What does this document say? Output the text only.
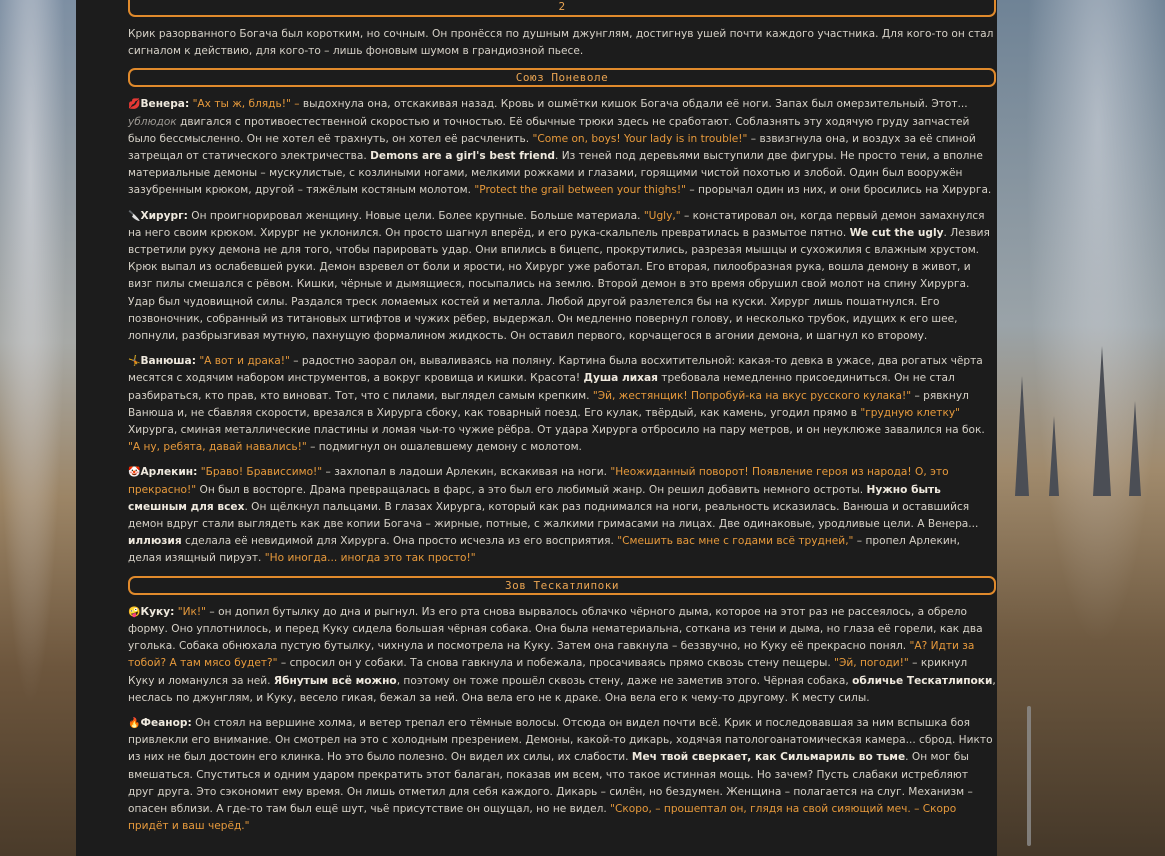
2

Крик разорванного Богача был коротким, но сочным. Он пронёсся по душным джунглям, достигнув ушей почти каждого участника. Для кого-то он стал сигналом к действию, для кого-то – лишь фоновым шумом в грандиозной пьесе.

Союз Поневоле

💋Венера: "Ах ты ж, блядь!" – выдохнула она, отскакивая назад. Кровь и ошмётки кишок Богача обдали её ноги. Запах был омерзительный. Этот... ублюдок двигался с противоестественной скоростью и точностью. Её обычные трюки здесь не сработают. Соблазнять эту ходячую груду запчастей было бессмысленно. Он не хотел её трахнуть, он хотел её расчленить. "Come on, boys! Your lady is in trouble!" – взвизгнула она, и воздух за её спиной затрещал от статического электричества. Demons are a girl's best friend. Из теней под деревьями выступили две фигуры. Не просто тени, а вполне материальные демоны – мускулистые, с козлиными ногами, мелкими рожками и глазами, горящими чистой похотью и злобой. Один был вооружён зазубренным крюком, другой – тяжёлым костяным молотом. "Protect the grail between your thighs!" – прорычал один из них, и они бросились на Хирурга.

🔪Хирург: Он проигнорировал женщину. Новые цели. Более крупные. Больше материала. "Ugly," – констатировал он, когда первый демон замахнулся на него своим крюком. Хирург не уклонился. Он просто шагнул вперёд, и его рука-скальпель превратилась в размытое пятно. We cut the ugly. Лезвия встретили руку демона не для того, чтобы парировать удар. Они впились в бицепс, прокрутились, разрезая мышцы и сухожилия с влажным хрустом. Крюк выпал из ослабевшей руки. Демон взревел от боли и ярости, но Хирург уже работал. Его вторая, пилообразная рука, вошла демону в живот, и визг пилы смешался с рёвом. Кишки, чёрные и дымящиеся, посыпались на землю. Второй демон в это время обрушил свой молот на спину Хирурга. Удар был чудовищной силы. Раздался треск ломаемых костей и металла. Любой другой разлетелся бы на куски. Хирург лишь пошатнулся. Его позвоночник, собранный из титановых штифтов и чужих рёбер, выдержал. Он медленно повернул голову, и несколько трубок, идущих к его шее, лопнули, разбрызгивая мутную, пахнущую формалином жидкость. Он оставил первого, корчащегося в агонии демона, и шагнул ко второму.

🤸Ванюша: "А вот и драка!" – радостно заорал он, вываливаясь на поляну. Картина была восхитительной: какая-то девка в ужасе, два рогатых чёрта месятся с ходячим набором инструментов, а вокруг кровища и кишки. Красота! Душа лихая требовала немедленно присоединиться. Он не стал разбираться, кто прав, кто виноват. Тот, что с пилами, выглядел самым крепким. "Эй, жестянщик! Попробуй-ка на вкус русского кулака!" – рявкнул Ванюша и, не сбавляя скорости, врезался в Хирурга сбоку, как товарный поезд. Его кулак, твёрдый, как камень, угодил прямо в "грудную клетку" Хирурга, сминая металлические пластины и ломая чьи-то чужие рёбра. От удара Хирурга отбросило на пару метров, и он неуклюже завалился на бок. "А ну, ребята, давай навались!" – подмигнул он ошалевшему демону с молотом.

🤡Арлекин: "Браво! Брависсимо!" – захлопал в ладоши Арлекин, вскакивая на ноги. "Неожиданный поворот! Появление героя из народа! О, это прекрасно!" Он был в восторге. Драма превращалась в фарс, а это был его любимый жанр. Он решил добавить немного остроты. Нужно быть смешным для всех. Он щёлкнул пальцами. В глазах Хирурга, который как раз поднимался на ноги, реальность исказилась. Ванюша и оставшийся демон вдруг стали выглядеть как две копии Богача – жирные, потные, с жалкими гримасами на лицах. Две одинаковые, уродливые цели. А Венера... иллюзия сделала её невидимой для Хирурга. Она просто исчезла из его восприятия. "Смешить вас мне с годами всё трудней," – пропел Арлекин, делая изящный пируэт. "Но иногда... иногда это так просто!"

Зов Тескатлипоки

🤪Куку: "Ик!" – он допил бутылку до дна и рыгнул. Из его рта снова вырвалось облачко чёрного дыма, которое на этот раз не рассеялось, а обрело форму. Оно уплотнилось, и перед Куку сидела большая чёрная собака. Она была нематериальна, соткана из тени и дыма, но глаза её горели, как два уголька. Собака обнюхала пустую бутылку, чихнула и посмотрела на Куку. Затем она гавкнула – беззвучно, но Куку её прекрасно понял. "А? Идти за тобой? А там мясо будет?" – спросил он у собаки. Та снова гавкнула и побежала, просачиваясь прямо сквозь стену пещеры. "Эй, погоди!" – крикнул Куку и ломанулся за ней. Ябнутым всё можно, поэтому он тоже прошёл сквозь стену, даже не заметив этого. Чёрная собака, обличье Тескатлипоки, неслась по джунглям, и Куку, весело гикая, бежал за ней. Она вела его не к драке. Она вела его к чему-то другому. К месту силы.

🔥Феанор: Он стоял на вершине холма, и ветер трепал его тёмные волосы. Отсюда он видел почти всё. Крик и последовавшая за ним вспышка боя привлекли его внимание. Он смотрел на это с холодным презрением. Демоны, какой-то дикарь, ходячая патологоанатомическая камера... сброд. Никто из них не был достоин его клинка. Но это было полезно. Он видел их силы, их слабости. Меч твой сверкает, как Сильмариль во тьме. Он мог бы вмешаться. Спуститься и одним ударом прекратить этот балаган, показав им всем, что такое истинная мощь. Но зачем? Пусть слабаки истребляют друг друга. Это сэкономит ему время. Он лишь отметил для себя каждого. Дикарь – силён, но бездумен. Женщина – полагается на слуг. Механизм – опасен вблизи. А где-то там был ещё шут, чьё присутствие он ощущал, но не видел. "Скоро, – прошептал он, глядя на свой сияющий меч. – Скоро придёт и ваш черёд."
